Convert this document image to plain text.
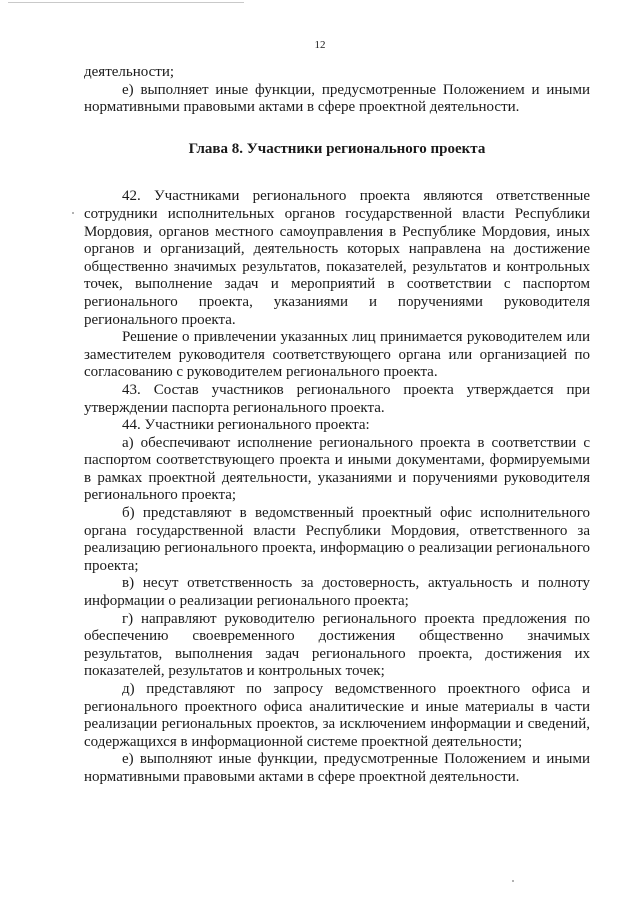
12

деятельности;

е) выполняет иные функции, предусмотренные Положением и иными нормативными правовыми актами в сфере проектной деятельности.

Глава 8. Участники регионального проекта

42. Участниками регионального проекта являются ответственные сотрудники исполнительных органов государственной власти Республики Мордовия, органов местного самоуправления в Республике Мордовия, иных органов и организаций, деятельность которых направлена на достижение общественно значимых результатов, показателей, результатов и контрольных точек, выполнение задач и мероприятий в соответствии с паспортом регионального проекта, указаниями и поручениями руководителя регионального проекта.

Решение о привлечении указанных лиц принимается руководителем или заместителем руководителя соответствующего органа или организацией по согласованию с руководителем регионального проекта.

43. Состав участников регионального проекта утверждается при утверждении паспорта регионального проекта.

44. Участники регионального проекта:

а) обеспечивают исполнение регионального проекта в соответствии с паспортом соответствующего проекта и иными документами, формируемыми в рамках проектной деятельности, указаниями и поручениями руководителя регионального проекта;

б) представляют в ведомственный проектный офис исполнительного органа государственной власти Республики Мордовия, ответственного за реализацию регионального проекта, информацию о реализации регионального проекта;

в) несут ответственность за достоверность, актуальность и полноту информации о реализации регионального проекта;

г) направляют руководителю регионального проекта предложения по обеспечению своевременного достижения общественно значимых результатов, выполнения задач регионального проекта, достижения их показателей, результатов и контрольных точек;

д) представляют по запросу ведомственного проектного офиса и регионального проектного офиса аналитические и иные материалы в части реализации региональных проектов, за исключением информации и сведений, содержащихся в информационной системе проектной деятельности;

е) выполняют иные функции, предусмотренные Положением и иными нормативными правовыми актами в сфере проектной деятельности.
